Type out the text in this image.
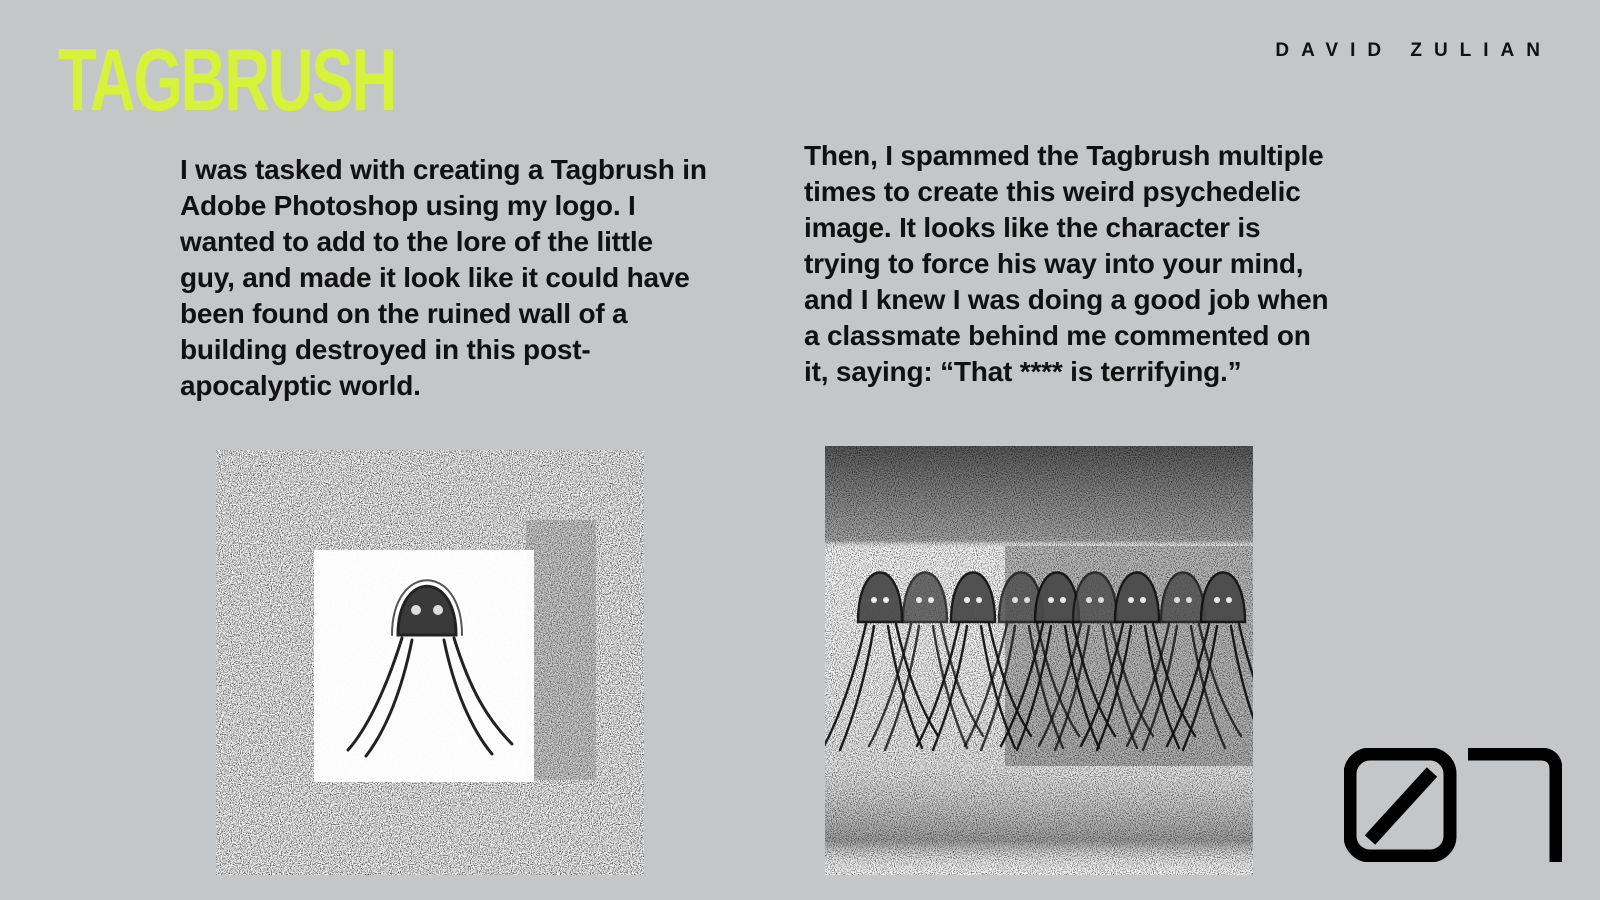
TAGBRUSH	DAVID ZULIAN

I was tasked with creating a Tagbrush in Adobe Photoshop using my logo. I wanted to add to the lore of the little guy, and made it look like it could have been found on the ruined wall of a building destroyed in this post-apocalyptic world.

Then, I spammed the Tagbrush multiple times to create this weird psychedelic image. It looks like the character is trying to force his way into your mind, and I knew I was doing a good job when a classmate behind me commented on it, saying: “That **** is terrifying.”
